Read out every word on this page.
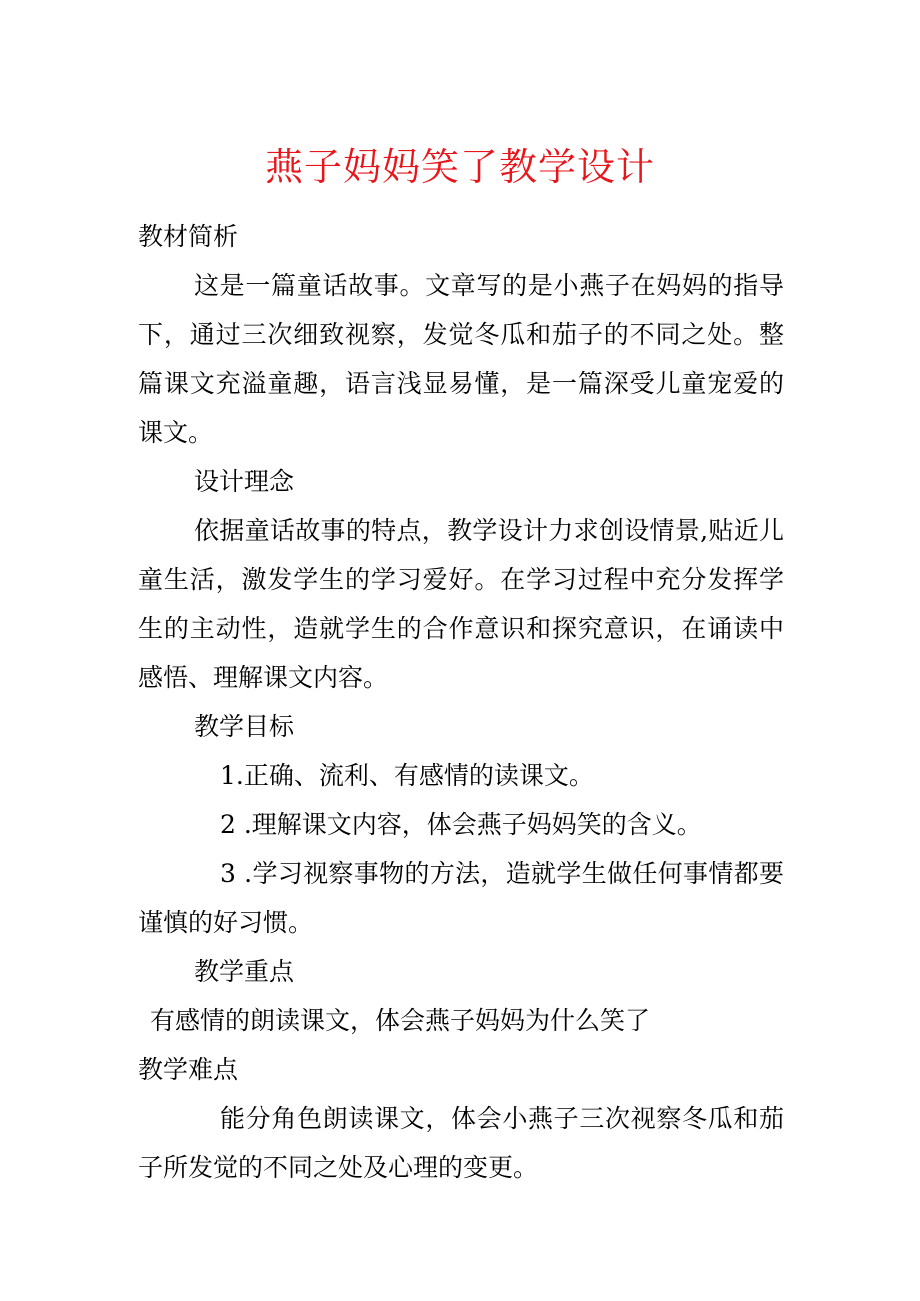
燕子妈妈笑了教学设计

教材简析

这是一篇童话故事。文章写的是小燕子在妈妈的指导下，通过三次细致视察，发觉冬瓜和茄子的不同之处。整篇课文充溢童趣，语言浅显易懂，是一篇深受儿童宠爱的课文。

设计理念

依据童话故事的特点，教学设计力求创设情景,贴近儿童生活，激发学生的学习爱好。在学习过程中充分发挥学生的主动性，造就学生的合作意识和探究意识，在诵读中感悟、理解课文内容。

教学目标

1.正确、流利、有感情的读课文。

2 .理解课文内容，体会燕子妈妈笑的含义。

3 .学习视察事物的方法，造就学生做任何事情都要谨慎的好习惯。

教学重点

有感情的朗读课文，体会燕子妈妈为什么笑了

教学难点

能分角色朗读课文，体会小燕子三次视察冬瓜和茄子所发觉的不同之处及心理的变更。
